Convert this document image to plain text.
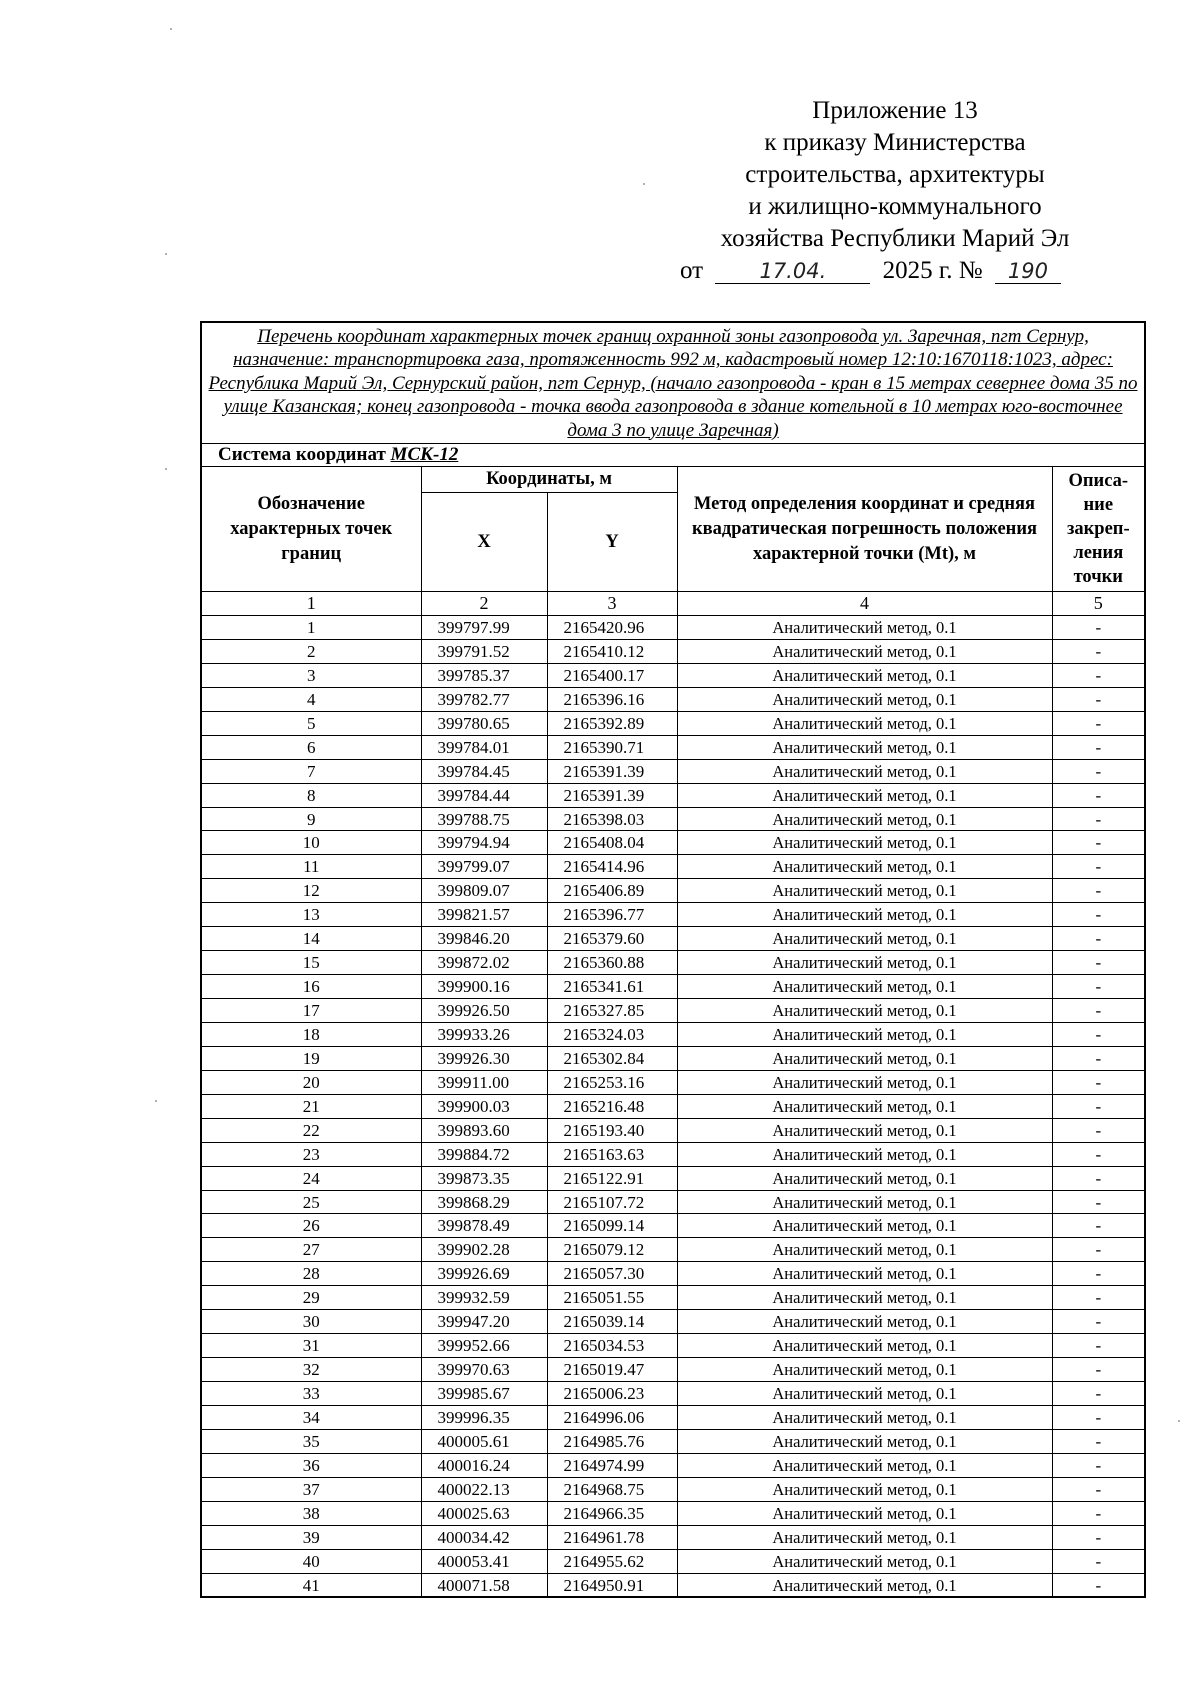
Приложение 13
к приказу Министерства
строительства, архитектуры
и жилищно-коммунального
хозяйства Республики Марий Эл
от	17.04. 2025 г. № 190
Перечень координат характерных точек границ охранной зоны газопровода ул. Заречная, пгт Сернур, назначение: транспортировка газа, протяженность 992 м, кадастровый номер 12:10:1670118:1023, адрес: Республика Марий Эл, Сернурский район, пгт Сернур, (начало газопровода - кран в 15 метрах севернее дома 35 по улице Казанская; конец газопровода - точка ввода газопровода в здание котельной в 10 метрах юго-восточнее дома 3 по улице Заречная)				
Система координат МСК-12				
Обозначение характерных точек границ	Координаты, м		Метод определения координат и средняя квадратическая погрешность положения характерной точки (Mt), м	Описа-ние закреп-ления точки
	X	Y		
1	2	3	4	5
1	399797.99	2165420.96	Аналитический метод, 0.1	-
2	399791.52	2165410.12	Аналитический метод, 0.1	-
3	399785.37	2165400.17	Аналитический метод, 0.1	-
4	399782.77	2165396.16	Аналитический метод, 0.1	-
5	399780.65	2165392.89	Аналитический метод, 0.1	-
6	399784.01	2165390.71	Аналитический метод, 0.1	-
7	399784.45	2165391.39	Аналитический метод, 0.1	-
8	399784.44	2165391.39	Аналитический метод, 0.1	-
9	399788.75	2165398.03	Аналитический метод, 0.1	-
10	399794.94	2165408.04	Аналитический метод, 0.1	-
11	399799.07	2165414.96	Аналитический метод, 0.1	-
12	399809.07	2165406.89	Аналитический метод, 0.1	-
13	399821.57	2165396.77	Аналитический метод, 0.1	-
14	399846.20	2165379.60	Аналитический метод, 0.1	-
15	399872.02	2165360.88	Аналитический метод, 0.1	-
16	399900.16	2165341.61	Аналитический метод, 0.1	-
17	399926.50	2165327.85	Аналитический метод, 0.1	-
18	399933.26	2165324.03	Аналитический метод, 0.1	-
19	399926.30	2165302.84	Аналитический метод, 0.1	-
20	399911.00	2165253.16	Аналитический метод, 0.1	-
21	399900.03	2165216.48	Аналитический метод, 0.1	-
22	399893.60	2165193.40	Аналитический метод, 0.1	-
23	399884.72	2165163.63	Аналитический метод, 0.1	-
24	399873.35	2165122.91	Аналитический метод, 0.1	-
25	399868.29	2165107.72	Аналитический метод, 0.1	-
26	399878.49	2165099.14	Аналитический метод, 0.1	-
27	399902.28	2165079.12	Аналитический метод, 0.1	-
28	399926.69	2165057.30	Аналитический метод, 0.1	-
29	399932.59	2165051.55	Аналитический метод, 0.1	-
30	399947.20	2165039.14	Аналитический метод, 0.1	-
31	399952.66	2165034.53	Аналитический метод, 0.1	-
32	399970.63	2165019.47	Аналитический метод, 0.1	-
33	399985.67	2165006.23	Аналитический метод, 0.1	-
34	399996.35	2164996.06	Аналитический метод, 0.1	-
35	400005.61	2164985.76	Аналитический метод, 0.1	-
36	400016.24	2164974.99	Аналитический метод, 0.1	-
37	400022.13	2164968.75	Аналитический метод, 0.1	-
38	400025.63	2164966.35	Аналитический метод, 0.1	-
39	400034.42	2164961.78	Аналитический метод, 0.1	-
40	400053.41	2164955.62	Аналитический метод, 0.1	-
41	400071.58	2164950.91	Аналитический метод, 0.1	-
